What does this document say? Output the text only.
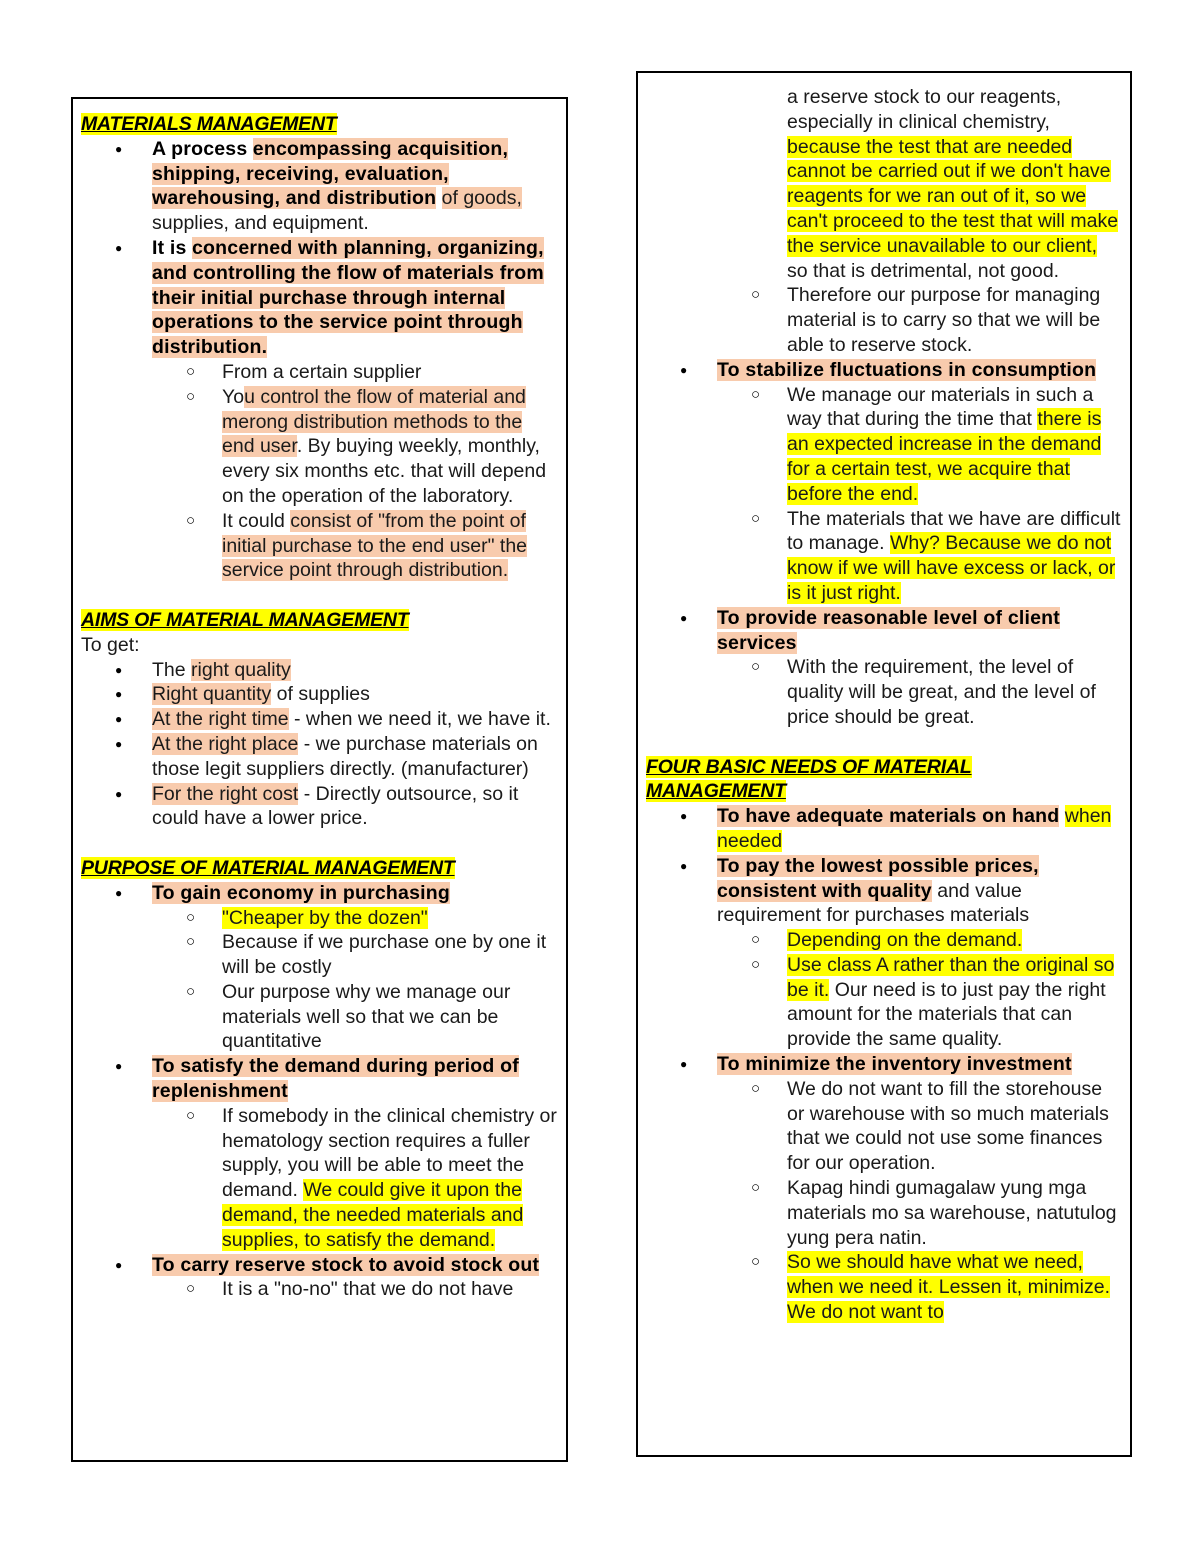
MATERIALS MANAGEMENT
● A process encompassing acquisition, shipping, receiving, evaluation, warehousing, and distribution of goods, supplies, and equipment.
● It is concerned with planning, organizing, and controlling the flow of materials from their initial purchase through internal operations to the service point through distribution.
○ From a certain supplier
○ You control the flow of material and merong distribution methods to the end user. By buying weekly, monthly, every six months etc. that will depend on the operation of the laboratory.
○ It could consist of "from the point of initial purchase to the end user" the service point through distribution.
AIMS OF MATERIAL MANAGEMENT
To get:
● The right quality
● Right quantity of supplies
● At the right time - when we need it, we have it.
● At the right place - we purchase materials on those legit suppliers directly. (manufacturer)
● For the right cost - Directly outsource, so it could have a lower price.
PURPOSE OF MATERIAL MANAGEMENT
● To gain economy in purchasing
○ "Cheaper by the dozen"
○ Because if we purchase one by one it will be costly
○ Our purpose why we manage our materials well so that we can be quantitative
● To satisfy the demand during period of replenishment
○ If somebody in the clinical chemistry or hematology section requires a fuller supply, you will be able to meet the demand. We could give it upon the demand, the needed materials and supplies, to satisfy the demand.
● To carry reserve stock to avoid stock out
○ It is a "no-no" that we do not have
a reserve stock to our reagents, especially in clinical chemistry, because the test that are needed cannot be carried out if we don't have reagents for we ran out of it, so we can't proceed to the test that will make the service unavailable to our client, so that is detrimental, not good.
○ Therefore our purpose for managing material is to carry so that we will be able to reserve stock.
● To stabilize fluctuations in consumption
○ We manage our materials in such a way that during the time that there is an expected increase in the demand for a certain test, we acquire that before the end.
○ The materials that we have are difficult to manage. Why? Because we do not know if we will have excess or lack, or is it just right.
● To provide reasonable level of client services
○ With the requirement, the level of quality will be great, and the level of price should be great.
FOUR BASIC NEEDS OF MATERIAL
MANAGEMENT
● To have adequate materials on hand when needed
● To pay the lowest possible prices, consistent with quality and value requirement for purchases materials
○ Depending on the demand.
○ Use class A rather than the original so be it. Our need is to just pay the right amount for the materials that can provide the same quality.
● To minimize the inventory investment
○ We do not want to fill the storehouse or warehouse with so much materials that we could not use some finances for our operation.
○ Kapag hindi gumagalaw yung mga materials mo sa warehouse, natutulog yung pera natin.
○ So we should have what we need, when we need it. Lessen it, minimize. We do not want to
